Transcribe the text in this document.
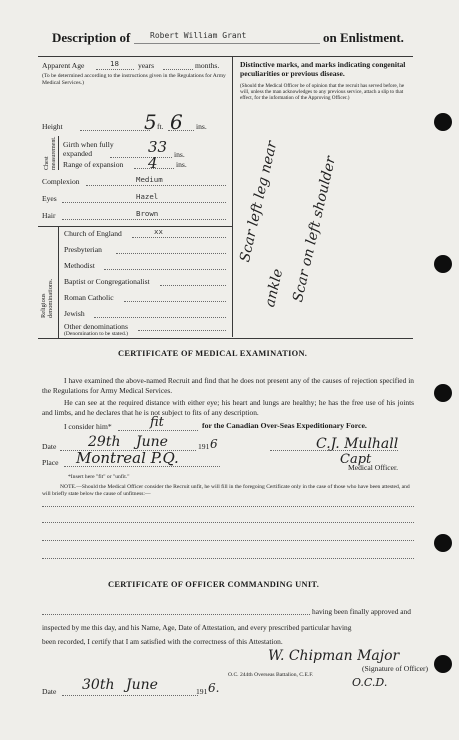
Description of Robert William Grant	on Enlistment.
Apparent Age	18	years	months.
(To be determined according to the instructions given in the Regulations for Army Medical Services.)
Distinctive marks, and marks indicating congenital peculiarities or previous disease.
(Should the Medical Officer be of opinion that the recruit has served before, he will, unless the man acknowledges to any previous service, attach a slip to that effect, for the information of the Approving Officer.)
Scar left leg near
ankle Scar on left shoulder
Height	5 ft. 6 ins.
Chest measurement. Girth when fully expanded	33 ins.
Range of expansion 4 ins.
Complexion	Medium
Eyes	Hazel
Hair	Brown
Religious denominations.
Church of England	xx
Presbyterian
Methodist
Baptist or Congregationalist
Roman Catholic
Jewish
Other denominations
(Denomination to be stated.)
CERTIFICATE OF MEDICAL EXAMINATION.
I have examined the above-named Recruit and find that he does not present any of the causes of rejection specified in the Regulations for Army Medical Services.
He can see at the required distance with either eye; his heart and lungs are healthy; he has the free use of his joints and limbs, and he declares that he is not subject to fits of any description.
I consider him*	fit	for the Canadian Over-Seas Expeditionary Force.
Date 29th June	191 6
Place Montreal P.Q.
C.J. Mulhall
Capt
Medical Officer.
*Insert here "fit" or "unfit."
NOTE.—Should the Medical Officer consider the Recruit unfit, he will fill in the foregoing Certificate only in the case of those who have been attested, and will briefly state below the cause of unfitness:—
CERTIFICATE OF OFFICER COMMANDING UNIT.
having been finally approved and
inspected by me this day, and his Name, Age, Date of Attestation, and every prescribed particular having
been recorded, I certify that I am satisfied with the correctness of this Attestation.
W. Chipman Major
O.C. 244th Overseas Battalion, C.E.F.
(Signature of Officer)
O.C.D.
Date 30th June	191 6.
